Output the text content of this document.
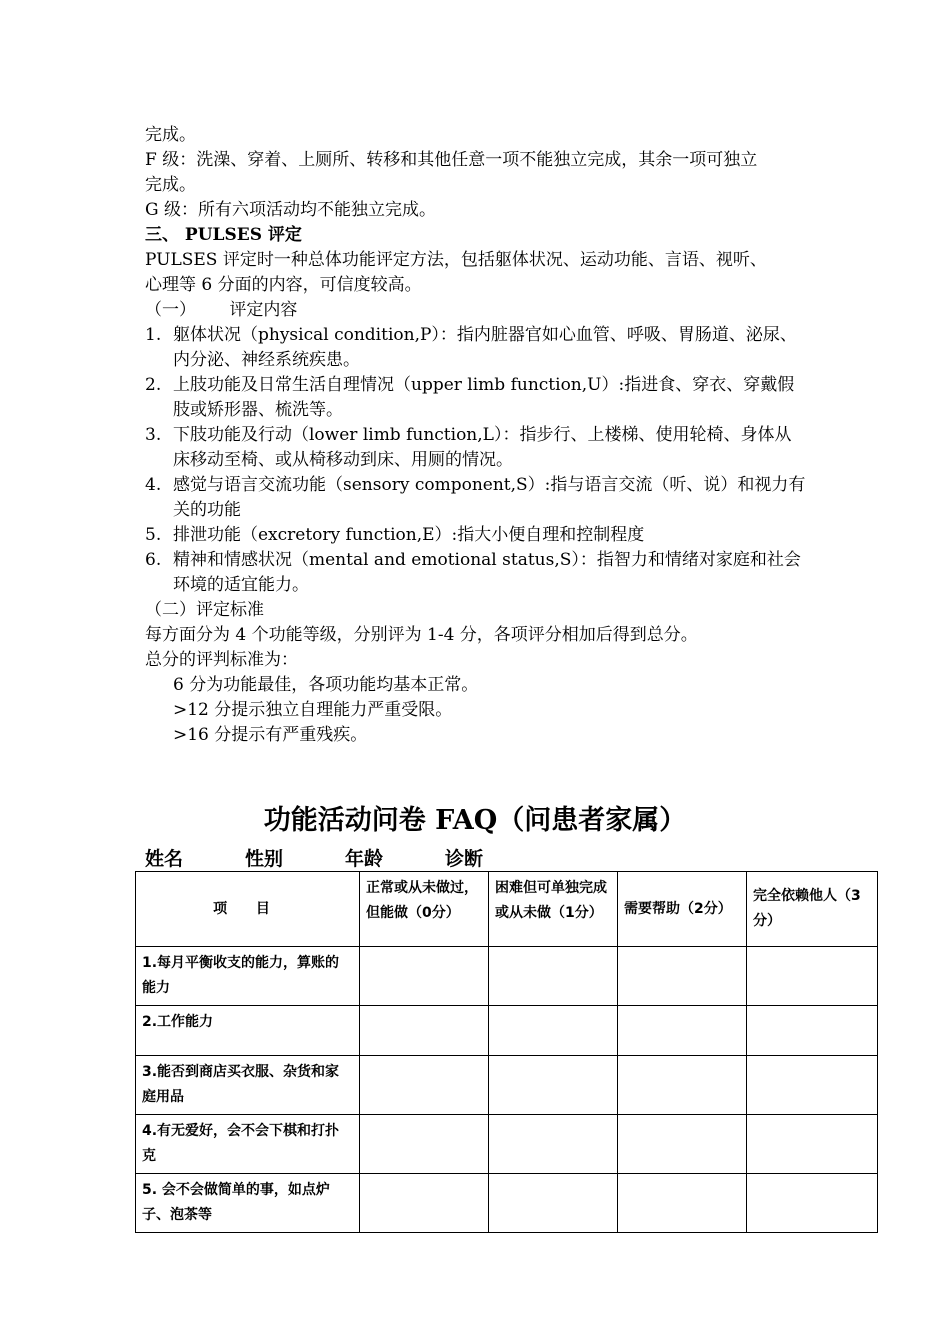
完成。
F 级：洗澡、穿着、上厕所、转移和其他任意一项不能独立完成，其余一项可独立
完成。
G 级：所有六项活动均不能独立完成。
三、 PULSES 评定
PULSES 评定时一种总体功能评定方法，包括躯体状况、运动功能、言语、视听、
心理等 6 分面的内容，可信度较高。
（一） 评定内容
1. 躯体状况（physical condition,P）：指内脏器官如心血管、呼吸、胃肠道、泌尿、
内分泌、神经系统疾患。
2. 上肢功能及日常生活自理情况（upper limb function,U）:指进食、穿衣、穿戴假
肢或矫形器、梳洗等。
3. 下肢功能及行动（lower limb function,L）：指步行、上楼梯、使用轮椅、身体从
床移动至椅、或从椅移动到床、用厕的情况。
4. 感觉与语言交流功能（sensory component,S）:指与语言交流（听、说）和视力有
关的功能
5. 排泄功能（excretory function,E）:指大小便自理和控制程度
6. 精神和情感状况（mental and emotional status,S）：指智力和情绪对家庭和社会
环境的适宜能力。
（二）评定标准
每方面分为 4 个功能等级，分别评为 1-4 分，各项评分相加后得到总分。
总分的评判标准为：
6 分为功能最佳，各项功能均基本正常。
>12 分提示独立自理能力严重受限。
>16 分提示有严重残疾。
功能活动问卷 FAQ（问患者家属）
姓名	性别	年龄	诊断
项 目	正常或从未做过，但能做（0分）	困难但可单独完成或从未做（1分）	需要帮助（2分）	完全依赖他人（3分）
1.每月平衡收支的能力，算账的能力				
2.工作能力				
3.能否到商店买衣服、杂货和家庭用品				
4.有无爱好，会不会下棋和打扑克				
5. 会不会做简单的事，如点炉子、泡茶等				
